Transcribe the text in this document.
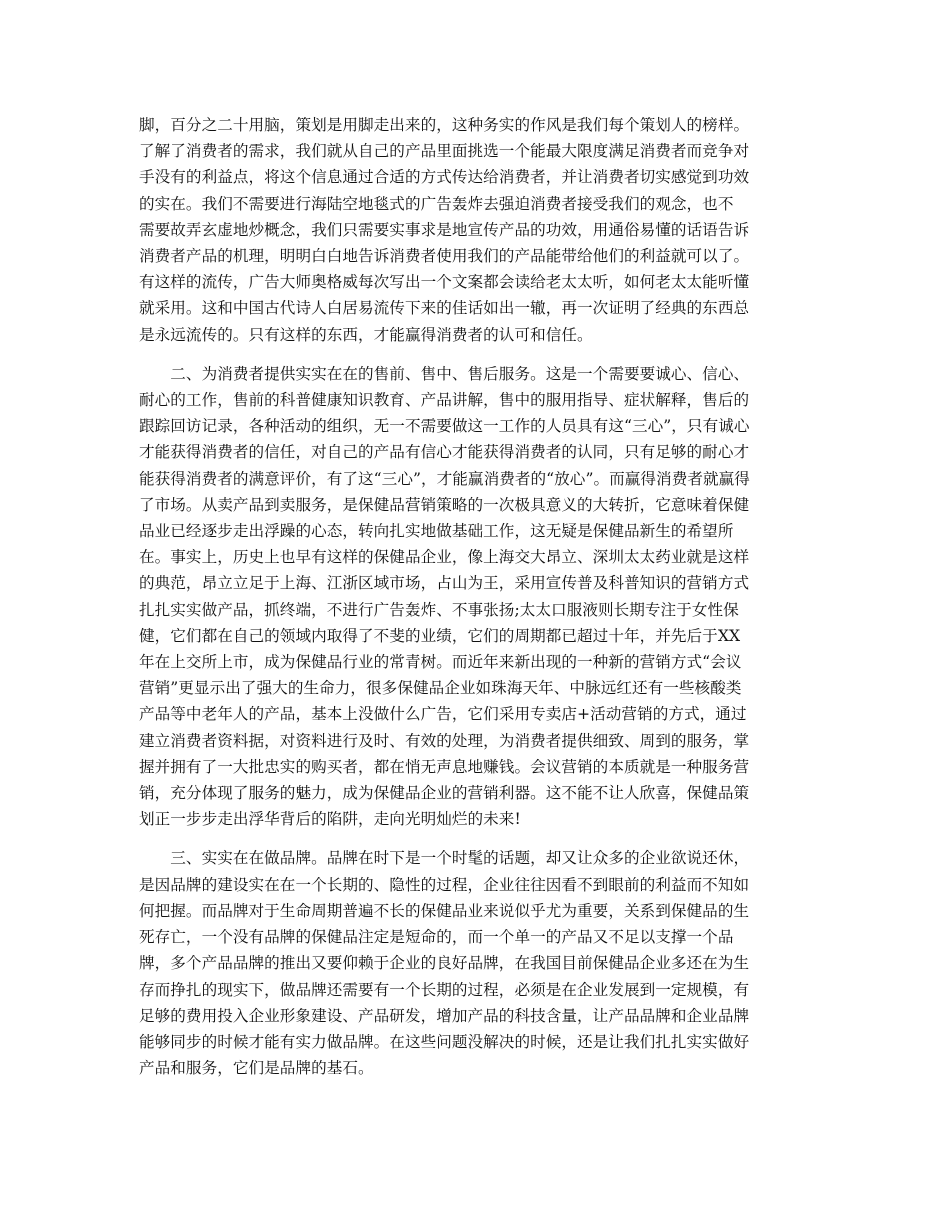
脚，百分之二十用脑，策划是用脚走出来的，这种务实的作风是我们每个策划人的榜样。
了解了消费者的需求，我们就从自己的产品里面挑选一个能最大限度满足消费者而竞争对
手没有的利益点，将这个信息通过合适的方式传达给消费者，并让消费者切实感觉到功效
的实在。我们不需要进行海陆空地毯式的广告轰炸去强迫消费者接受我们的观念，也不
需要故弄玄虚地炒概念，我们只需要实事求是地宣传产品的功效，用通俗易懂的话语告诉
消费者产品的机理，明明白白地告诉消费者使用我们的产品能带给他们的利益就可以了。
有这样的流传，广告大师奥格威每次写出一个文案都会读给老太太听，如何老太太能听懂
就采用。这和中国古代诗人白居易流传下来的佳话如出一辙，再一次证明了经典的东西总
是永远流传的。只有这样的东西，才能赢得消费者的认可和信任。
　　二、为消费者提供实实在在的售前、售中、售后服务。这是一个需要要诚心、信心、
耐心的工作，售前的科普健康知识教育、产品讲解，售中的服用指导、症状解释，售后的
跟踪回访记录，各种活动的组织，无一不需要做这一工作的人员具有这“三心”，只有诚心
才能获得消费者的信任，对自己的产品有信心才能获得消费者的认同，只有足够的耐心才
能获得消费者的满意评价，有了这“三心”，才能赢消费者的“放心”。而赢得消费者就赢得
了市场。从卖产品到卖服务，是保健品营销策略的一次极具意义的大转折，它意味着保健
品业已经逐步走出浮躁的心态，转向扎实地做基础工作，这无疑是保健品新生的希望所
在。事实上，历史上也早有这样的保健品企业，像上海交大昂立、深圳太太药业就是这样
的典范，昂立立足于上海、江浙区域市场，占山为王，采用宣传普及科普知识的营销方式
扎扎实实做产品，抓终端，不进行广告轰炸、不事张扬;太太口服液则长期专注于女性保
健，它们都在自己的领域内取得了不斐的业绩，它们的周期都已超过十年，并先后于XX
年在上交所上市，成为保健品行业的常青树。而近年来新出现的一种新的营销方式“会议
营销”更显示出了强大的生命力，很多保健品企业如珠海天年、中脉远红还有一些核酸类
产品等中老年人的产品，基本上没做什么广告，它们采用专卖店+活动营销的方式，通过
建立消费者资料据，对资料进行及时、有效的处理，为消费者提供细致、周到的服务，掌
握并拥有了一大批忠实的购买者，都在悄无声息地赚钱。会议营销的本质就是一种服务营
销，充分体现了服务的魅力，成为保健品企业的营销利器。这不能不让人欣喜，保健品策
划正一步步走出浮华背后的陷阱，走向光明灿烂的未来!
　　三、实实在在做品牌。品牌在时下是一个时髦的话题，却又让众多的企业欲说还休，
是因品牌的建设实在在一个长期的、隐性的过程，企业往往因看不到眼前的利益而不知如
何把握。而品牌对于生命周期普遍不长的保健品业来说似乎尤为重要，关系到保健品的生
死存亡，一个没有品牌的保健品注定是短命的，而一个单一的产品又不足以支撑一个品
牌，多个产品品牌的推出又要仰赖于企业的良好品牌，在我国目前保健品企业多还在为生
存而挣扎的现实下，做品牌还需要有一个长期的过程，必须是在企业发展到一定规模，有
足够的费用投入企业形象建设、产品研发，增加产品的科技含量，让产品品牌和企业品牌
能够同步的时候才能有实力做品牌。在这些问题没解决的时候，还是让我们扎扎实实做好
产品和服务，它们是品牌的基石。
